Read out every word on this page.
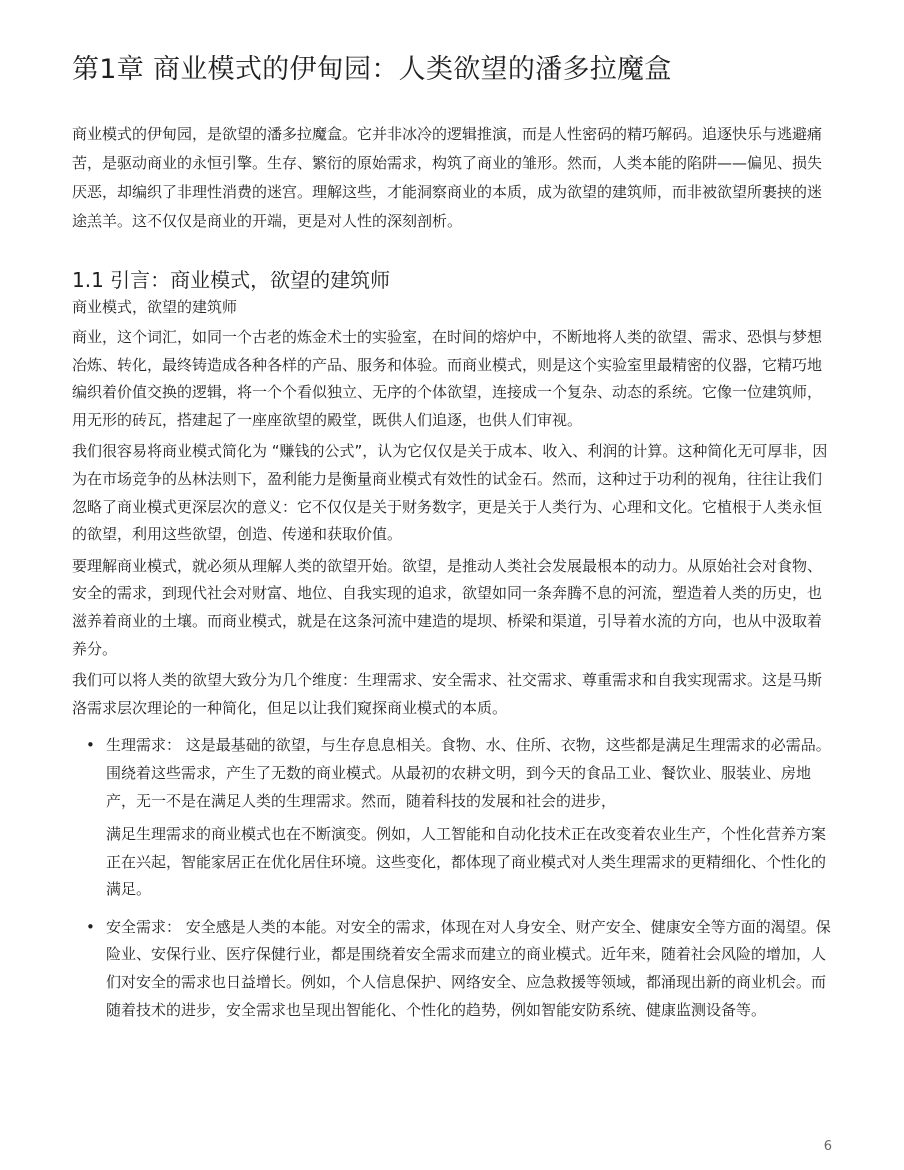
第1章 商业模式的伊甸园：人类欲望的潘多拉魔盒

商业模式的伊甸园，是欲望的潘多拉魔盒。它并非冰冷的逻辑推演，而是人性密码的精巧解码。追逐快乐与逃避痛苦，是驱动商业的永恒引擎。生存、繁衍的原始需求，构筑了商业的雏形。然而，人类本能的陷阱——偏见、损失厌恶，却编织了非理性消费的迷宫。理解这些，才能洞察商业的本质，成为欲望的建筑师，而非被欲望所裹挟的迷途羔羊。这不仅仅是商业的开端，更是对人性的深刻剖析。

1.1 引言：商业模式，欲望的建筑师
商业模式，欲望的建筑师

商业，这个词汇，如同一个古老的炼金术士的实验室，在时间的熔炉中，不断地将人类的欲望、需求、恐惧与梦想冶炼、转化，最终铸造成各种各样的产品、服务和体验。而商业模式，则是这个实验室里最精密的仪器，它精巧地编织着价值交换的逻辑，将一个个看似独立、无序的个体欲望，连接成一个复杂、动态的系统。它像一位建筑师，用无形的砖瓦，搭建起了一座座欲望的殿堂，既供人们追逐，也供人们审视。

我们很容易将商业模式简化为 “赚钱的公式”，认为它仅仅是关于成本、收入、利润的计算。这种简化无可厚非，因为在市场竞争的丛林法则下，盈利能力是衡量商业模式有效性的试金石。然而，这种过于功利的视角，往往让我们忽略了商业模式更深层次的意义：它不仅仅是关于财务数字，更是关于人类行为、心理和文化。它植根于人类永恒的欲望，利用这些欲望，创造、传递和获取价值。

要理解商业模式，就必须从理解人类的欲望开始。欲望，是推动人类社会发展最根本的动力。从原始社会对食物、安全的需求，到现代社会对财富、地位、自我实现的追求，欲望如同一条奔腾不息的河流，塑造着人类的历史，也滋养着商业的土壤。而商业模式，就是在这条河流中建造的堤坝、桥梁和渠道，引导着水流的方向，也从中汲取着养分。

我们可以将人类的欲望大致分为几个维度：生理需求、安全需求、社交需求、尊重需求和自我实现需求。这是马斯洛需求层次理论的一种简化，但足以让我们窥探商业模式的本质。

• 生理需求： 这是最基础的欲望，与生存息息相关。食物、水、住所、衣物，这些都是满足生理需求的必需品。围绕着这些需求，产生了无数的商业模式。从最初的农耕文明，到今天的食品工业、餐饮业、服装业、房地产，无一不是在满足人类的生理需求。然而，随着科技的发展和社会的进步，

满足生理需求的商业模式也在不断演变。例如，人工智能和自动化技术正在改变着农业生产，个性化营养方案正在兴起，智能家居正在优化居住环境。这些变化，都体现了商业模式对人类生理需求的更精细化、个性化的满足。

• 安全需求： 安全感是人类的本能。对安全的需求，体现在对人身安全、财产安全、健康安全等方面的渴望。保险业、安保行业、医疗保健行业，都是围绕着安全需求而建立的商业模式。近年来，随着社会风险的增加，人们对安全的需求也日益增长。例如，个人信息保护、网络安全、应急救援等领域，都涌现出新的商业机会。而随着技术的进步，安全需求也呈现出智能化、个性化的趋势，例如智能安防系统、健康监测设备等。

6
